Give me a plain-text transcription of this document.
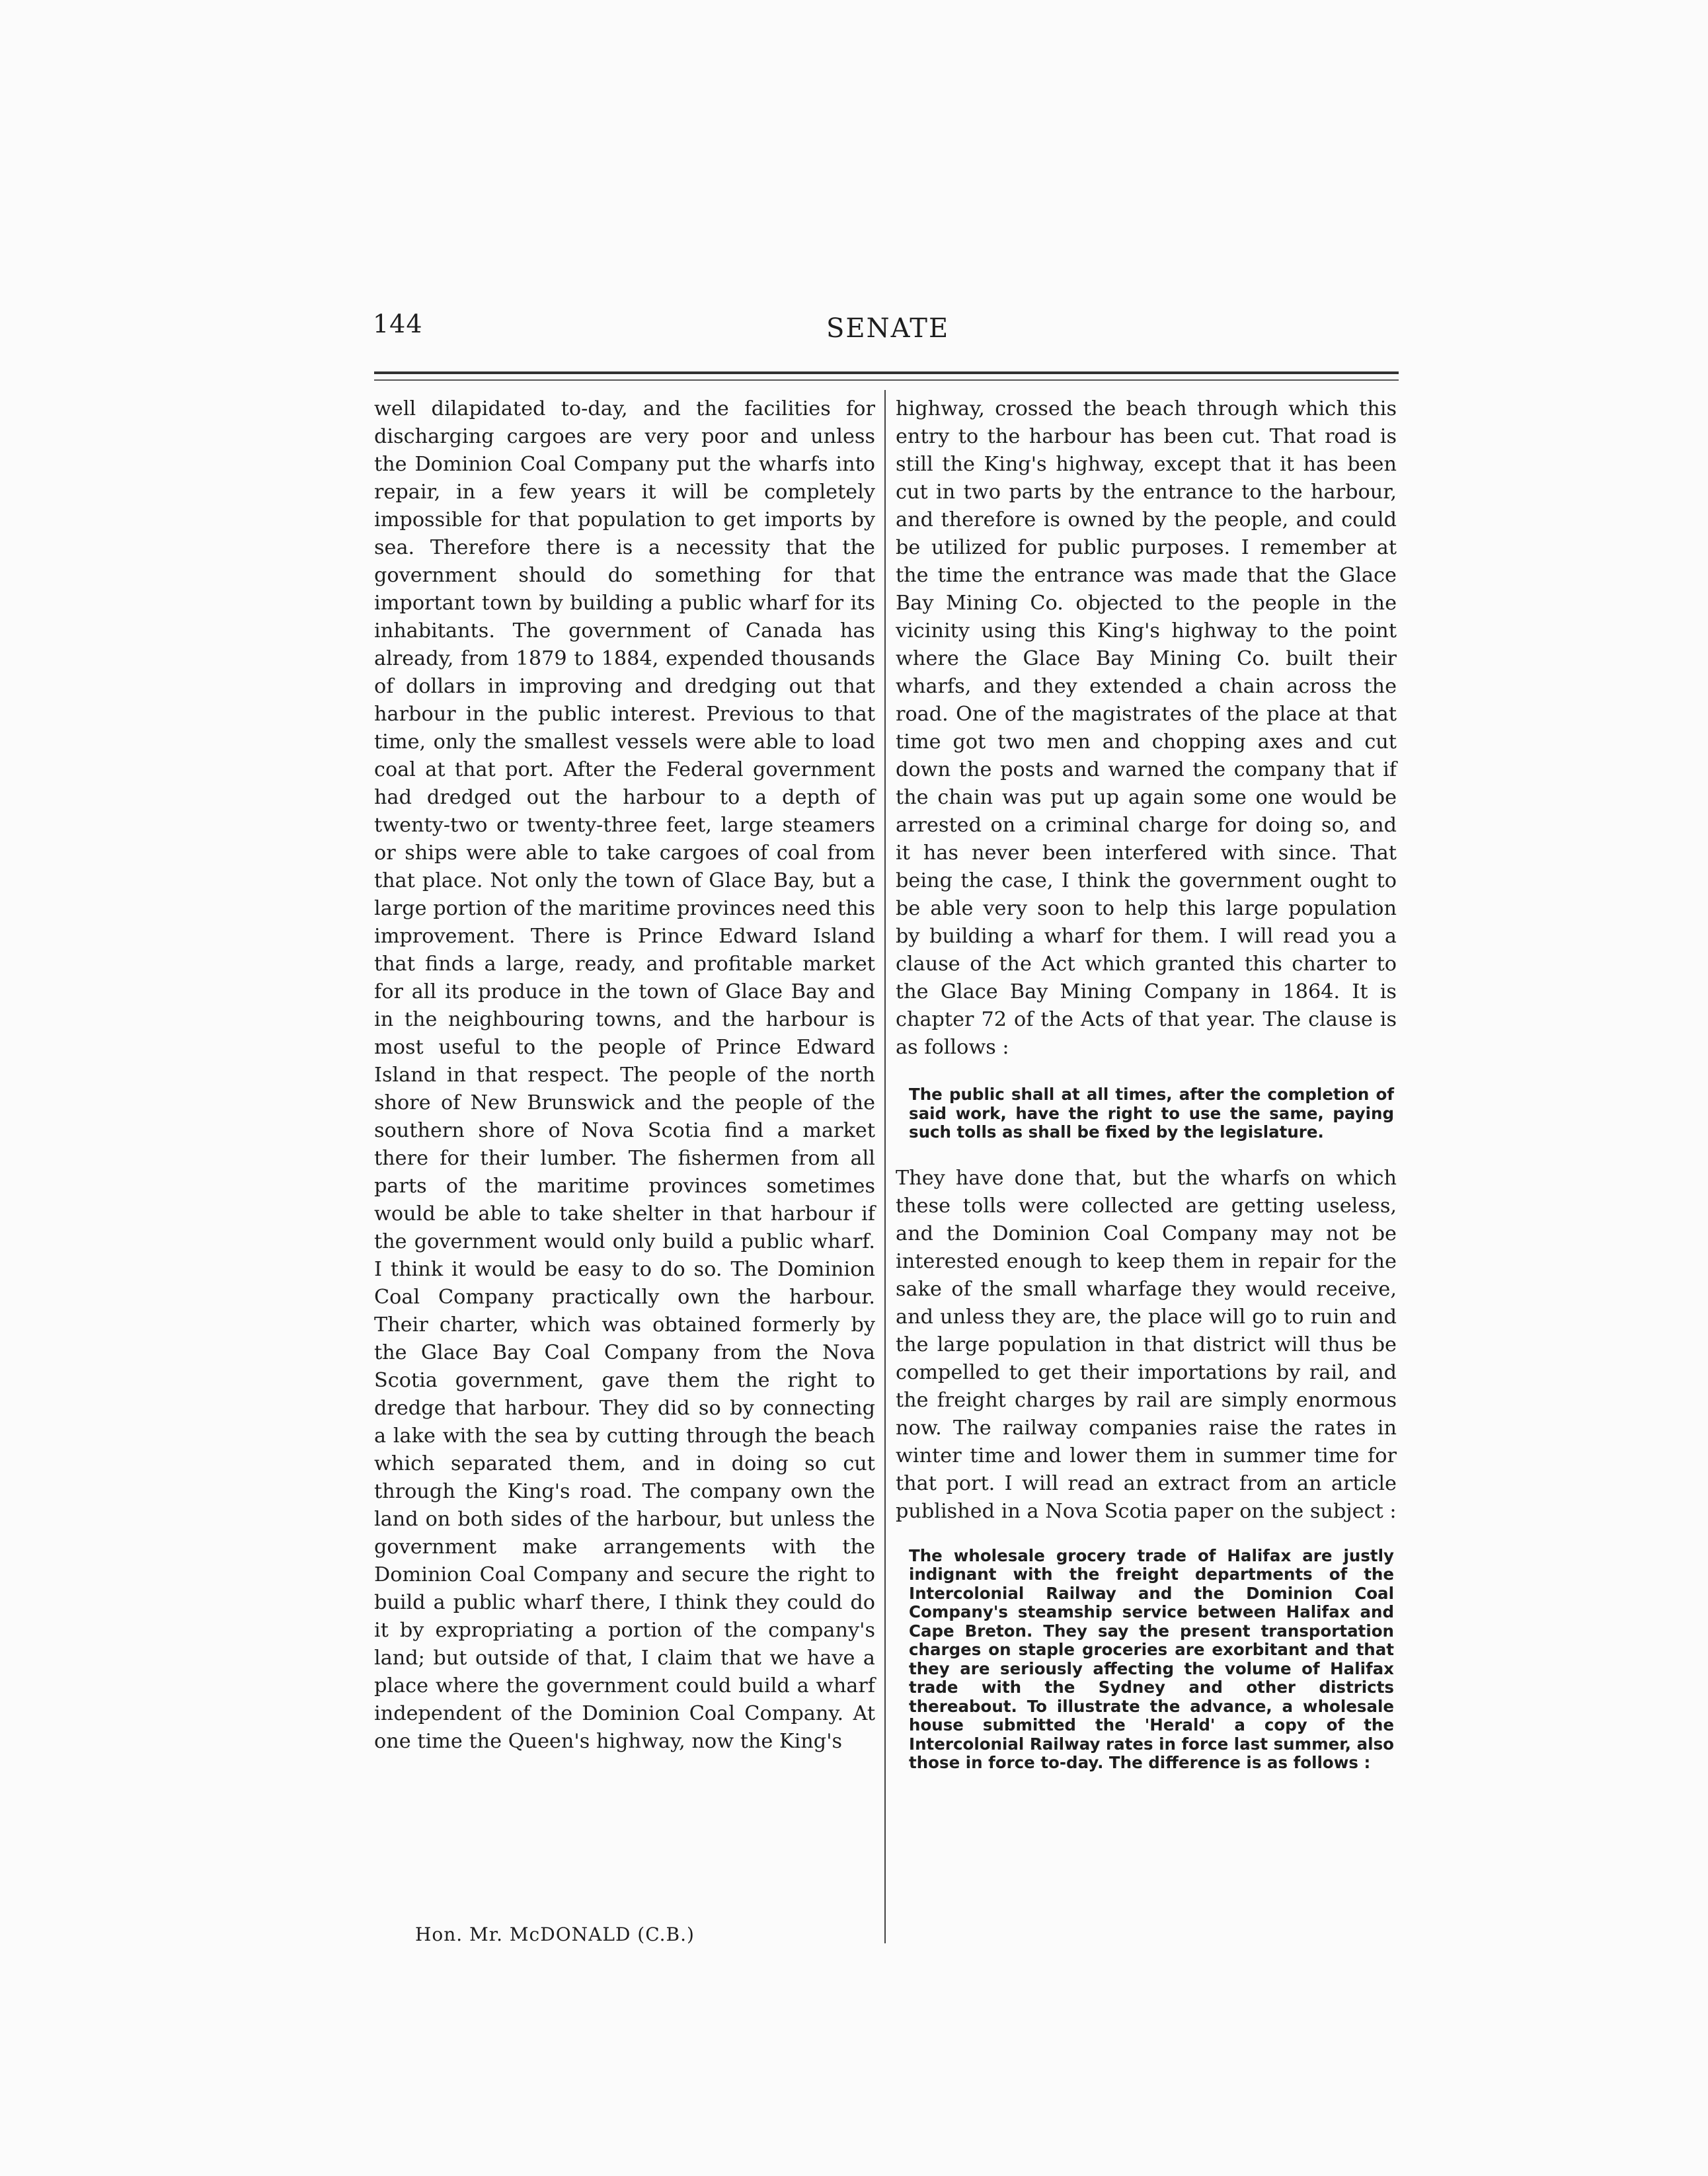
144	SENATE

well dilapidated to-day, and the facilities for discharging cargoes are very poor and unless the Dominion Coal Company put the wharfs into repair, in a few years it will be completely impossible for that population to get imports by sea. Therefore there is a necessity that the government should do something for that important town by building a public wharf for its inhabitants. The government of Canada has already, from 1879 to 1884, expended thousands of dollars in improving and dredging out that harbour in the public interest. Previous to that time, only the smallest vessels were able to load coal at that port. After the Federal government had dredged out the harbour to a depth of twenty-two or twenty-three feet, large steamers or ships were able to take cargoes of coal from that place. Not only the town of Glace Bay, but a large portion of the maritime provinces need this improvement. There is Prince Edward Island that finds a large, ready, and profitable market for all its produce in the town of Glace Bay and in the neighbouring towns, and the harbour is most useful to the people of Prince Edward Island in that respect. The people of the north shore of New Brunswick and the people of the southern shore of Nova Scotia find a market there for their lumber. The fishermen from all parts of the maritime provinces sometimes would be able to take shelter in that harbour if the government would only build a public wharf. I think it would be easy to do so. The Dominion Coal Company practically own the harbour. Their charter, which was obtained formerly by the Glace Bay Coal Company from the Nova Scotia government, gave them the right to dredge that harbour. They did so by connecting a lake with the sea by cutting through the beach which separated them, and in doing so cut through the King's road. The company own the land on both sides of the harbour, but unless the government make arrangements with the Dominion Coal Company and secure the right to build a public wharf there, I think they could do it by expropriating a portion of the company's land; but outside of that, I claim that we have a place where the government could build a wharf independent of the Dominion Coal Company. At one time the Queen's highway, now the King's

highway, crossed the beach through which this entry to the harbour has been cut. That road is still the King's highway, except that it has been cut in two parts by the entrance to the harbour, and therefore is owned by the people, and could be utilized for public purposes. I remember at the time the entrance was made that the Glace Bay Mining Co. objected to the people in the vicinity using this King's highway to the point where the Glace Bay Mining Co. built their wharfs, and they extended a chain across the road. One of the magistrates of the place at that time got two men and chopping axes and cut down the posts and warned the company that if the chain was put up again some one would be arrested on a criminal charge for doing so, and it has never been interfered with since. That being the case, I think the government ought to be able very soon to help this large population by building a wharf for them. I will read you a clause of the Act which granted this charter to the Glace Bay Mining Company in 1864. It is chapter 72 of the Acts of that year. The clause is as follows :

The public shall at all times, after the completion of said work, have the right to use the same, paying such tolls as shall be fixed by the legislature.

They have done that, but the wharfs on which these tolls were collected are getting useless, and the Dominion Coal Company may not be interested enough to keep them in repair for the sake of the small wharfage they would receive, and unless they are, the place will go to ruin and the large population in that district will thus be compelled to get their importations by rail, and the freight charges by rail are simply enormous now. The railway companies raise the rates in winter time and lower them in summer time for that port. I will read an extract from an article published in a Nova Scotia paper on the subject :

The wholesale grocery trade of Halifax are justly indignant with the freight departments of the Intercolonial Railway and the Dominion Coal Company's steamship service between Halifax and Cape Breton. They say the present transportation charges on staple groceries are exorbitant and that they are seriously affecting the volume of Halifax trade with the Sydney and other districts thereabout. To illustrate the advance, a wholesale house submitted the 'Herald' a copy of the Intercolonial Railway rates in force last summer, also those in force to-day. The difference is as follows :

Hon. Mr. McDONALD (C.B.)
